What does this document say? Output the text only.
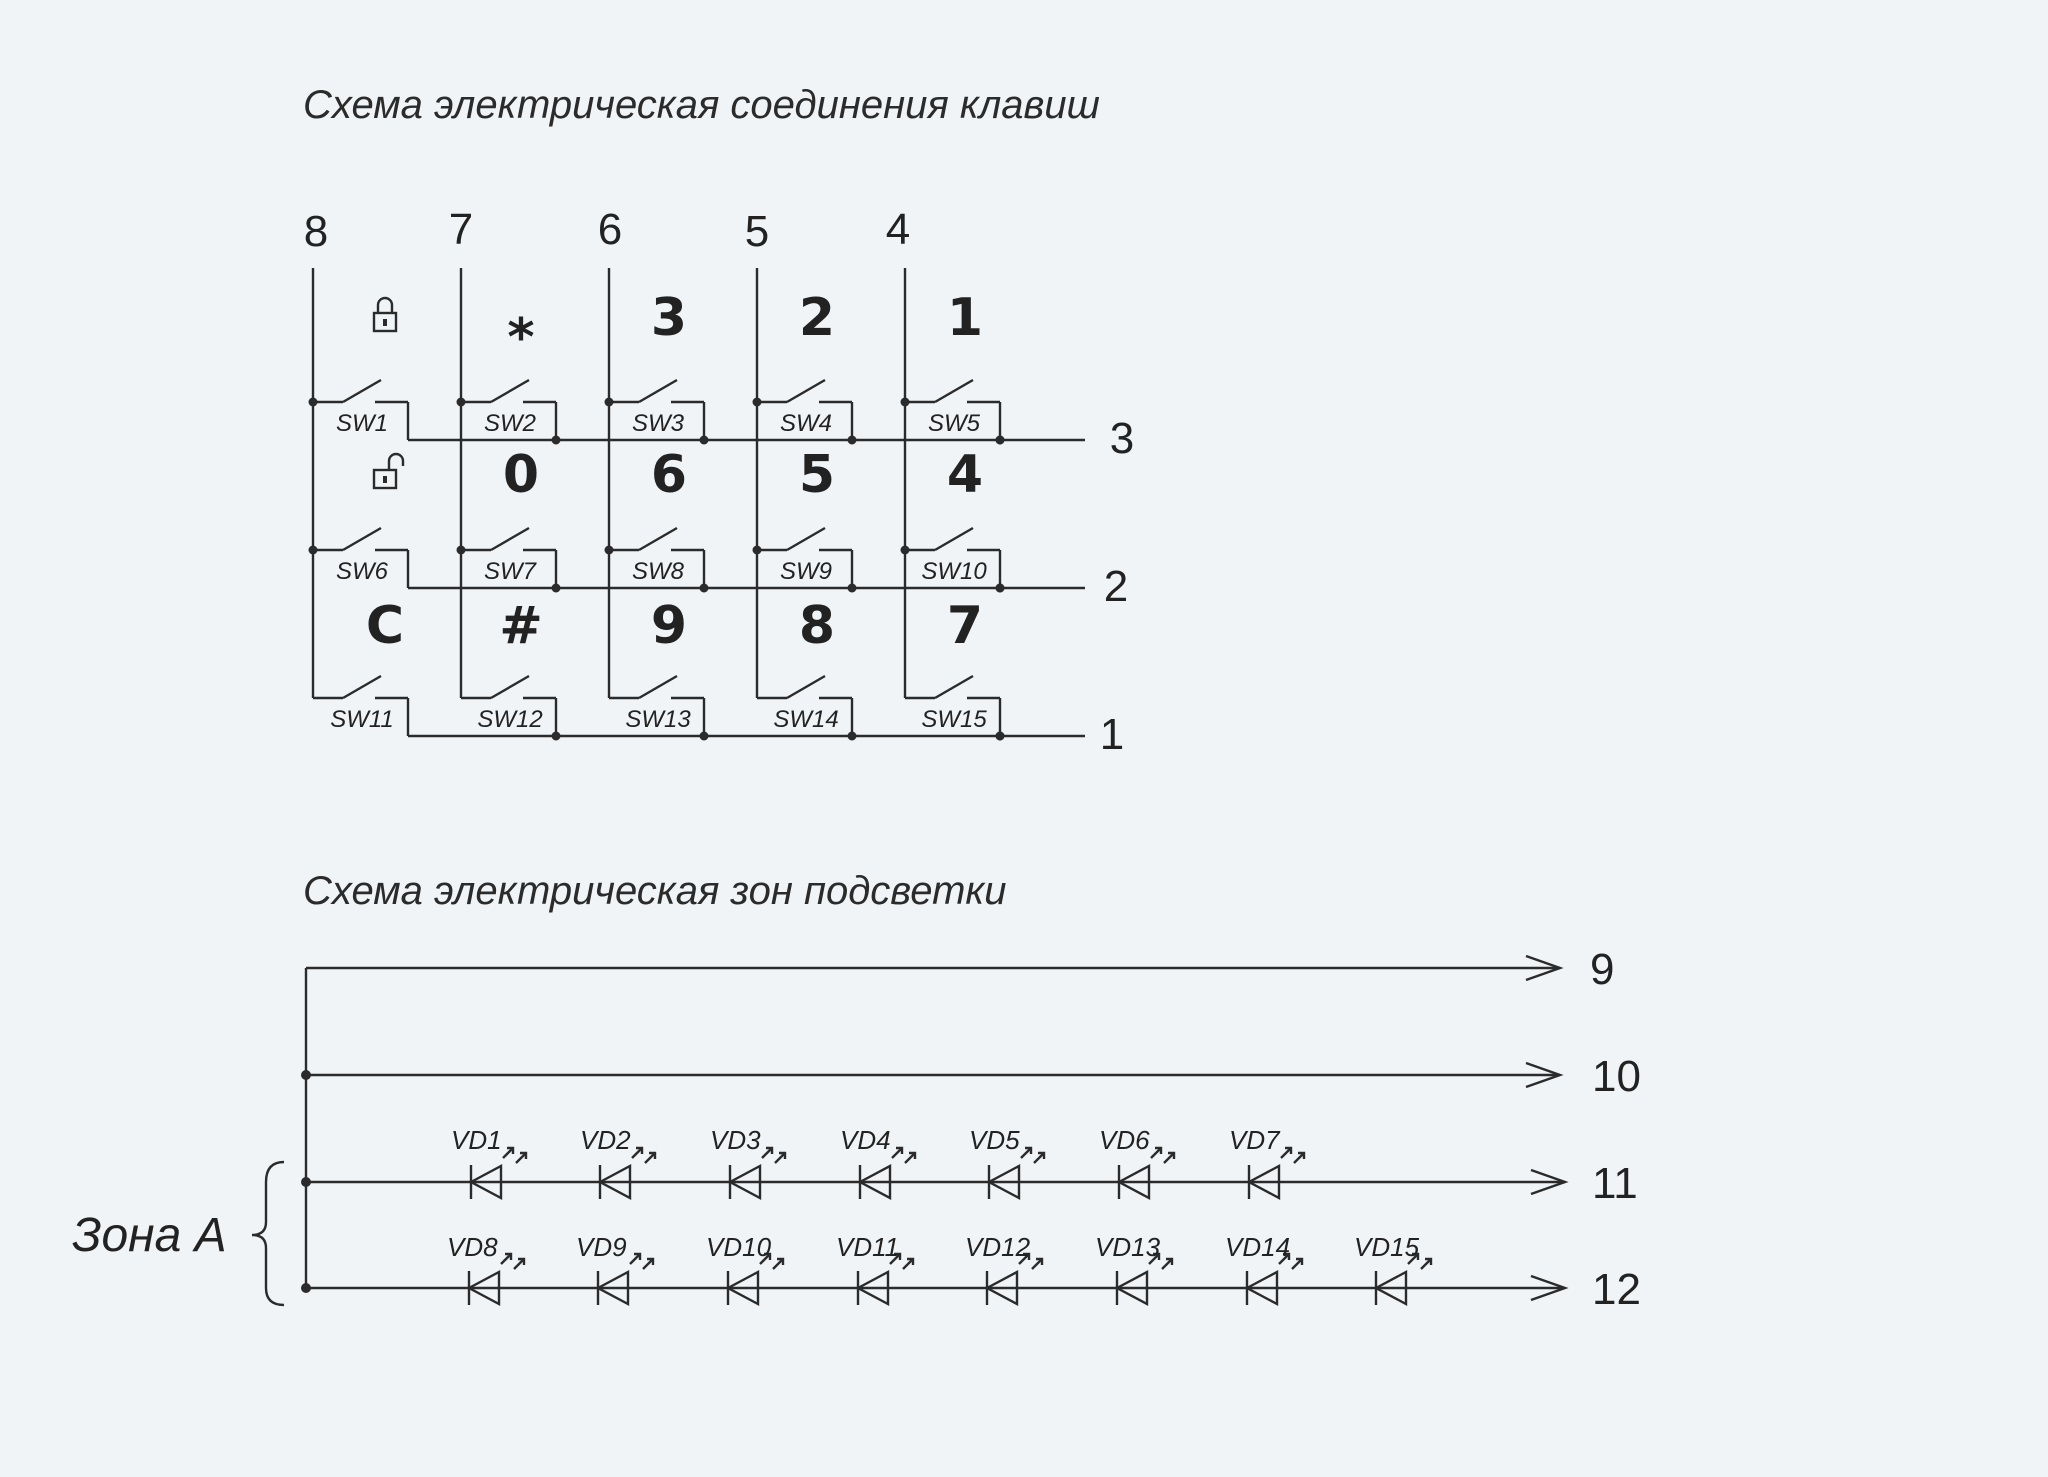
Схема электрическая соединения клавиш
8	7	6	5	4
3
2
1
SW1	SW2
*
SW3
3
SW4
2
SW5
1
SW6	SW7
0
SW8
6
SW9
5
SW10
4
SW11
C
SW12
#
SW13
9
SW14
8
SW15
7
Схема электрическая зон подсветки
9
10
11
12
VD1	VD2	VD3	VD4	VD5	VD6	VD7
VD8	VD9	VD10 VD11	VD12 VD13 VD14 VD15
Зона А
